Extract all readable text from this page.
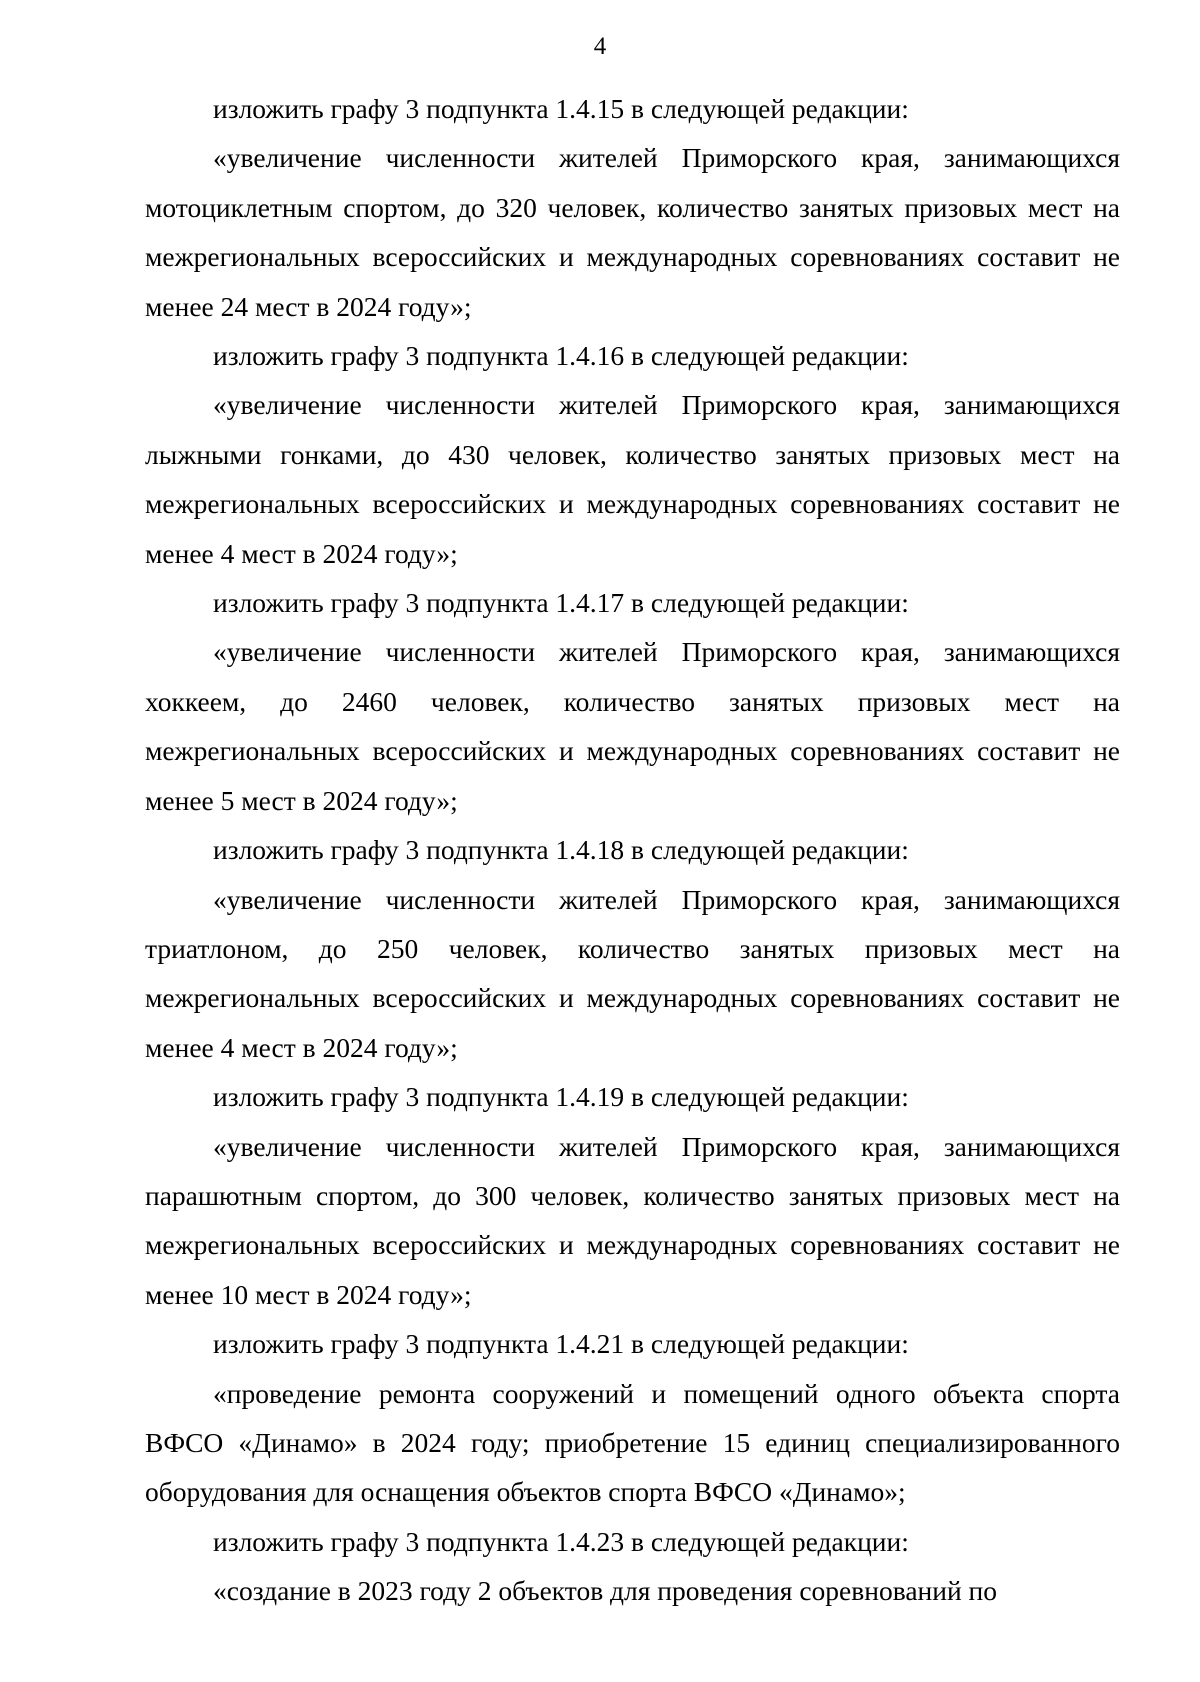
4

изложить графу 3 подпункта 1.4.15 в следующей редакции:

«увеличение численности жителей Приморского края, занимающихся мотоциклетным спортом, до 320 человек, количество занятых призовых мест на межрегиональных всероссийских и международных соревнованиях составит не менее 24 мест в 2024 году»;

изложить графу 3 подпункта 1.4.16 в следующей редакции:

«увеличение численности жителей Приморского края, занимающихся лыжными гонками, до 430 человек, количество занятых призовых мест на межрегиональных всероссийских и международных соревнованиях составит не менее 4 мест в 2024 году»;

изложить графу 3 подпункта 1.4.17 в следующей редакции:

«увеличение численности жителей Приморского края, занимающихся хоккеем, до 2460 человек, количество занятых призовых мест на межрегиональных всероссийских и международных соревнованиях составит не менее 5 мест в 2024 году»;

изложить графу 3 подпункта 1.4.18 в следующей редакции:

«увеличение численности жителей Приморского края, занимающихся триатлоном, до 250 человек, количество занятых призовых мест на межрегиональных всероссийских и международных соревнованиях составит не менее 4 мест в 2024 году»;

изложить графу 3 подпункта 1.4.19 в следующей редакции:

«увеличение численности жителей Приморского края, занимающихся парашютным спортом, до 300 человек, количество занятых призовых мест на межрегиональных всероссийских и международных соревнованиях составит не менее 10 мест в 2024 году»;

изложить графу 3 подпункта 1.4.21 в следующей редакции:

«проведение ремонта сооружений и помещений одного объекта спорта ВФСО «Динамо» в 2024 году; приобретение 15 единиц специализированного оборудования для оснащения объектов спорта ВФСО «Динамо»;

изложить графу 3 подпункта 1.4.23 в следующей редакции:

«создание в 2023 году 2 объектов для проведения соревнований по
